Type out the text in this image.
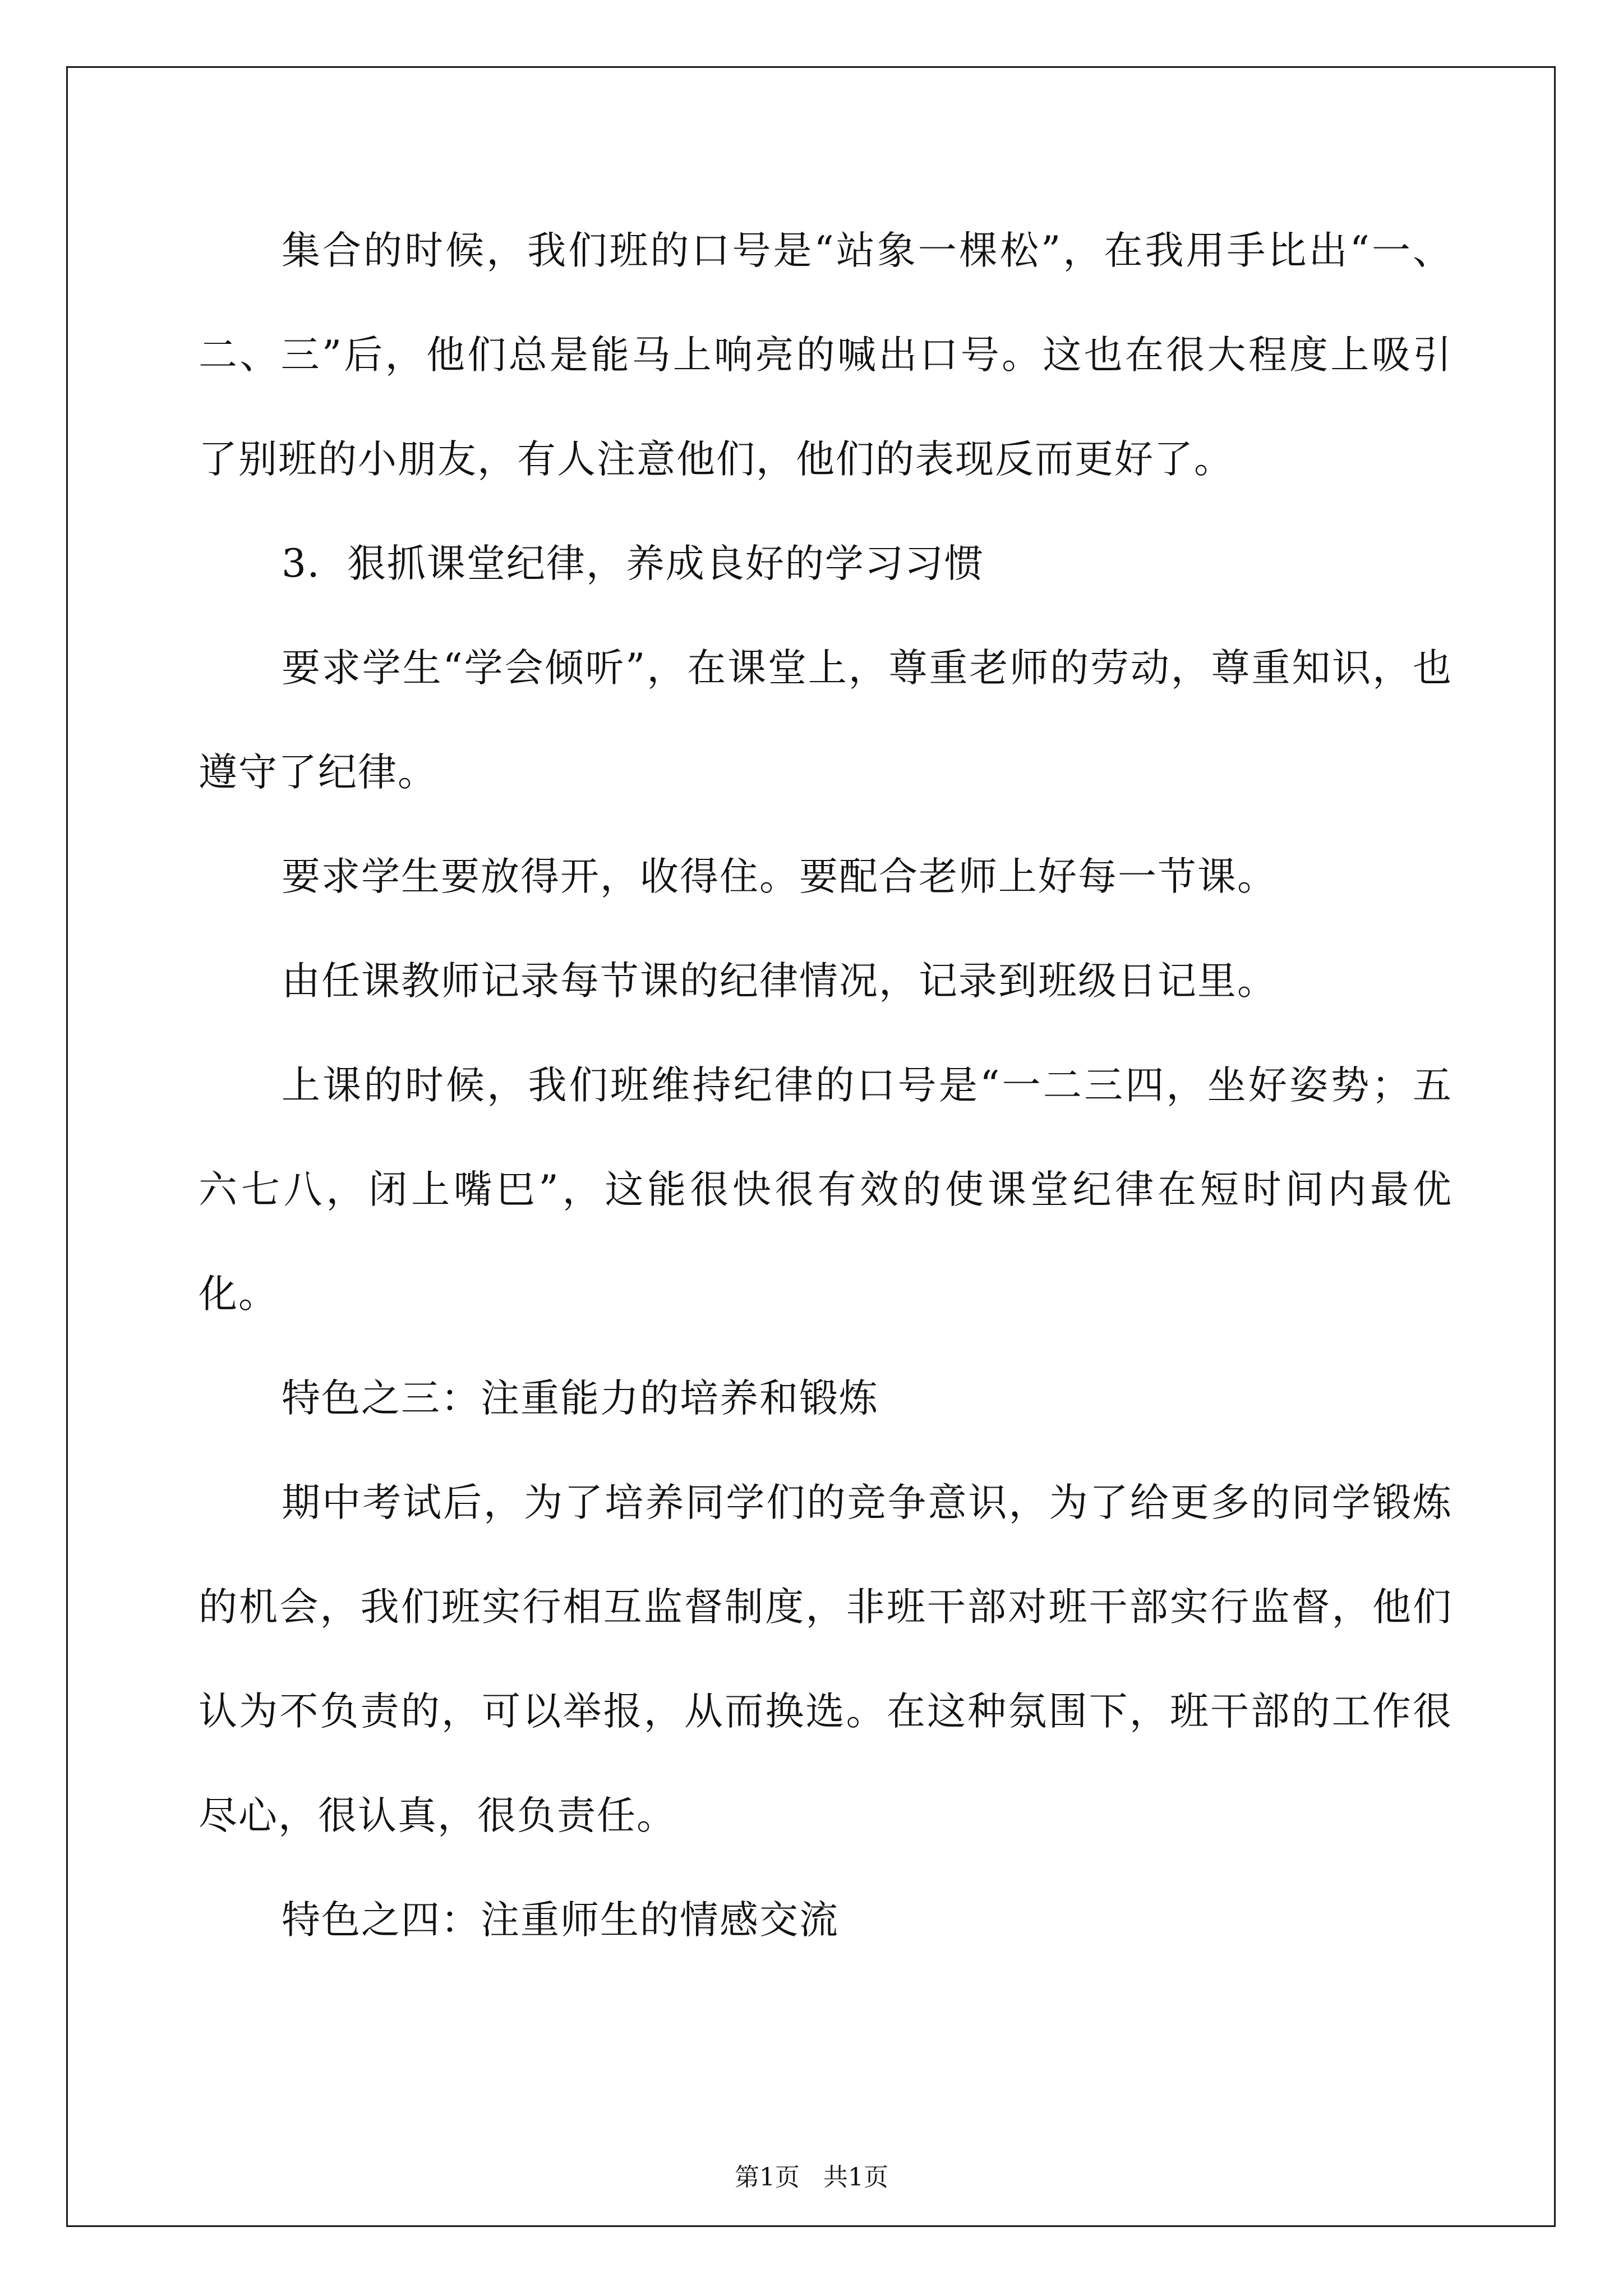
集合的时候，我们班的口号是“站象一棵松”，在我用手比出“一、二、三”后，他们总是能马上响亮的喊出口号。这也在很大程度上吸引了别班的小朋友，有人注意他们，他们的表现反而更好了。

3．狠抓课堂纪律，养成良好的学习习惯

要求学生“学会倾听”，在课堂上，尊重老师的劳动，尊重知识，也遵守了纪律。

要求学生要放得开，收得住。要配合老师上好每一节课。

由任课教师记录每节课的纪律情况，记录到班级日记里。

上课的时候，我们班维持纪律的口号是“一二三四，坐好姿势；五六七八，闭上嘴巴”，这能很快很有效的使课堂纪律在短时间内最优化。

特色之三：注重能力的培养和锻炼

期中考试后，为了培养同学们的竞争意识，为了给更多的同学锻炼的机会，我们班实行相互监督制度，非班干部对班干部实行监督，他们认为不负责的，可以举报，从而换选。在这种氛围下，班干部的工作很尽心，很认真，很负责任。

特色之四：注重师生的情感交流

第1页   共1页
